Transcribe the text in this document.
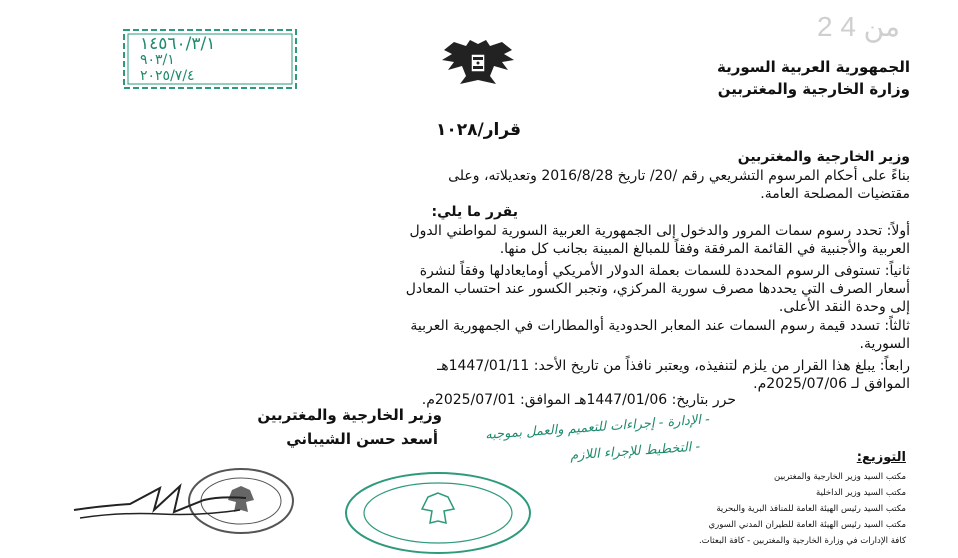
2 من 4
الجمهورية العربية السورية
وزارة الخارجية والمغتربين
١٤٥٦٠/٣/١
٩٠٣/١
٢٠٢٥/٧/٤
قرار/١٠٢٨
وزير الخارجية والمغتربين
بناءً على أحكام المرسوم التشريعي رقم /20/ تاريخ 2016/8/28 وتعديلاته، وعلى
مقتضيات المصلحة العامة.
يقرر ما يلي:
أولاً: تحدد رسوم سمات المرور والدخول إلى الجمهورية العربية السورية لمواطني الدول
العربية والأجنبية في القائمة المرفقة وفقاً للمبالغ المبينة بجانب كل منها.
ثانياً: تستوفى الرسوم المحددة للسمات بعملة الدولار الأمريكي أومايعادلها وفقاً لنشرة
أسعار الصرف التي يحددها مصرف سورية المركزي، وتجبر الكسور عند احتساب المعادل
إلى وحدة النقد الأعلى.
ثالثاً: تسدد قيمة رسوم السمات عند المعابر الحدودية أوالمطارات في الجمهورية العربية
السورية.
رابعاً: يبلغ هذا القرار من يلزم لتنفيذه، ويعتبر نافذاً من تاريخ الأحد: 1447/01/11هـ
الموافق لـ 2025/07/06م.
حرر بتاريخ: 1447/01/06هـ الموافق: 2025/07/01م.
وزير الخارجية والمغتربين
أسعد حسن الشيباني	- الإدارة - إجراءات للتعميم والعمل بموجبه
- التخطيط للإجراء اللازم	التوزيع:
مكتب السيد وزير الخارجية والمغتربين
مكتب السيد وزير الداخلية
مكتب السيد رئيس الهيئة العامة للمنافذ البرية والبحرية
مكتب السيد رئيس الهيئة العامة للطيران المدني السوري
كافة الإدارات في وزارة الخارجية والمغتربين - كافة البعثات.
